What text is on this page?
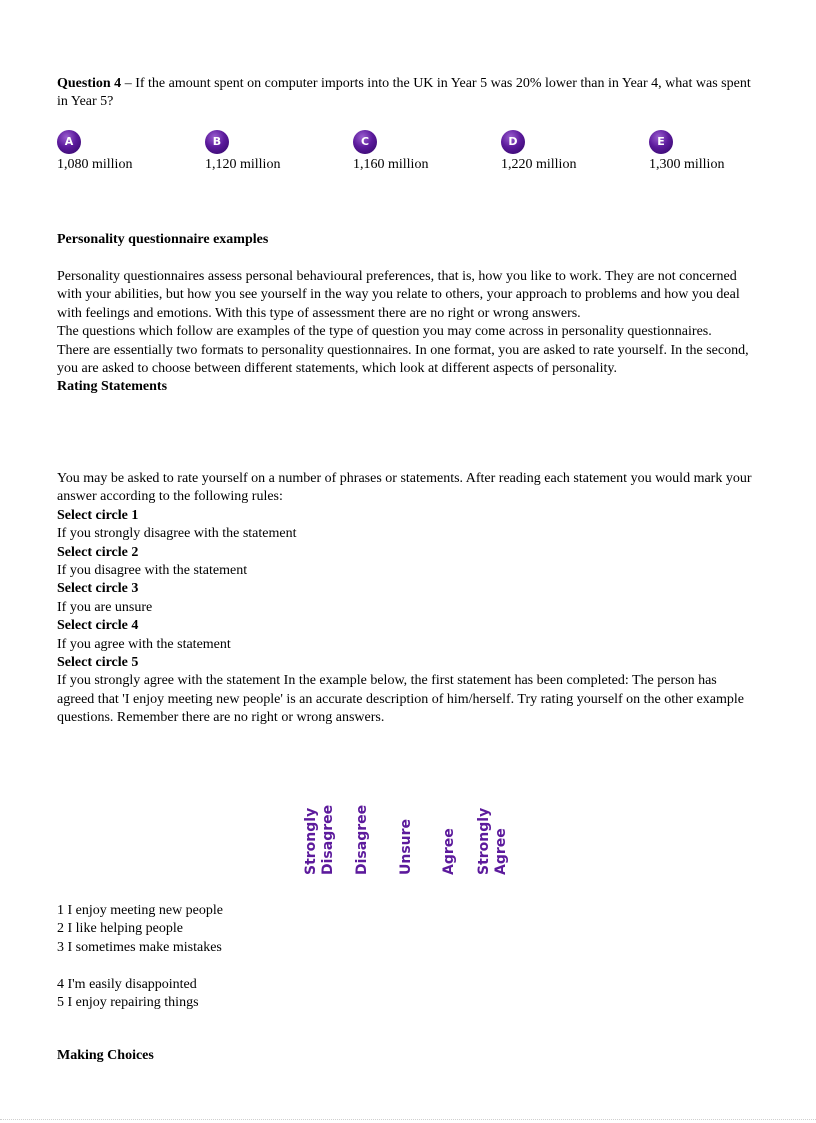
Question 4 – If the amount spent on computer imports into the UK in Year 5 was 20% lower than in Year 4, what was spent in Year 5?
A
1,080 million
B
1,120 million
C
1,160 million
D
1,220 million
E
1,300 million
Personality questionnaire examples
Personality questionnaires assess personal behavioural preferences, that is, how you like to work. They are not concerned with your abilities, but how you see yourself in the way you relate to others, your approach to problems and how you deal with feelings and emotions. With this type of assessment there are no right or wrong answers.
The questions which follow are examples of the type of question you may come across in personality questionnaires.
There are essentially two formats to personality questionnaires. In one format, you are asked to rate yourself. In the second, you are asked to choose between different statements, which look at different aspects of personality.
Rating Statements
You may be asked to rate yourself on a number of phrases or statements. After reading each statement you would mark your answer according to the following rules:
Select circle 1
If you strongly disagree with the statement
Select circle 2
If you disagree with the statement
Select circle 3
If you are unsure
Select circle 4
If you agree with the statement
Select circle 5
If you strongly agree with the statement In the example below, the first statement has been completed: The person has agreed that 'I enjoy meeting new people' is an accurate description of him/herself. Try rating yourself on the other example questions. Remember there are no right or wrong answers.
Strongly Disagree Disagree Unsure Agree Strongly Agree
1 I enjoy meeting new people
2 I like helping people
3 I sometimes make mistakes
4 I'm easily disappointed
5 I enjoy repairing things
Making Choices
